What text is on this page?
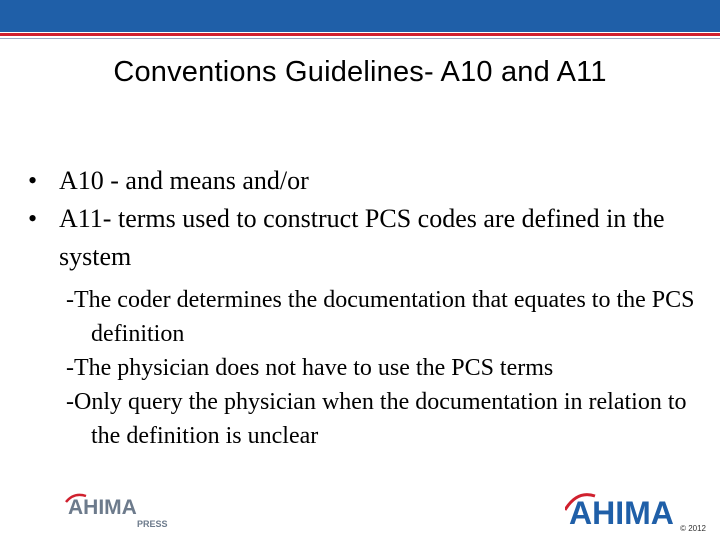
Conventions Guidelines- A10 and A11
• A10 - and means and/or
• A11- terms used to construct PCS codes are defined in the system
-The coder determines the documentation that equates to the PCS definition
-The physician does not have to use the PCS terms
-Only query the physician when the documentation in relation to the definition is unclear
AHIMA
PRESS	AHIMA © 2012
